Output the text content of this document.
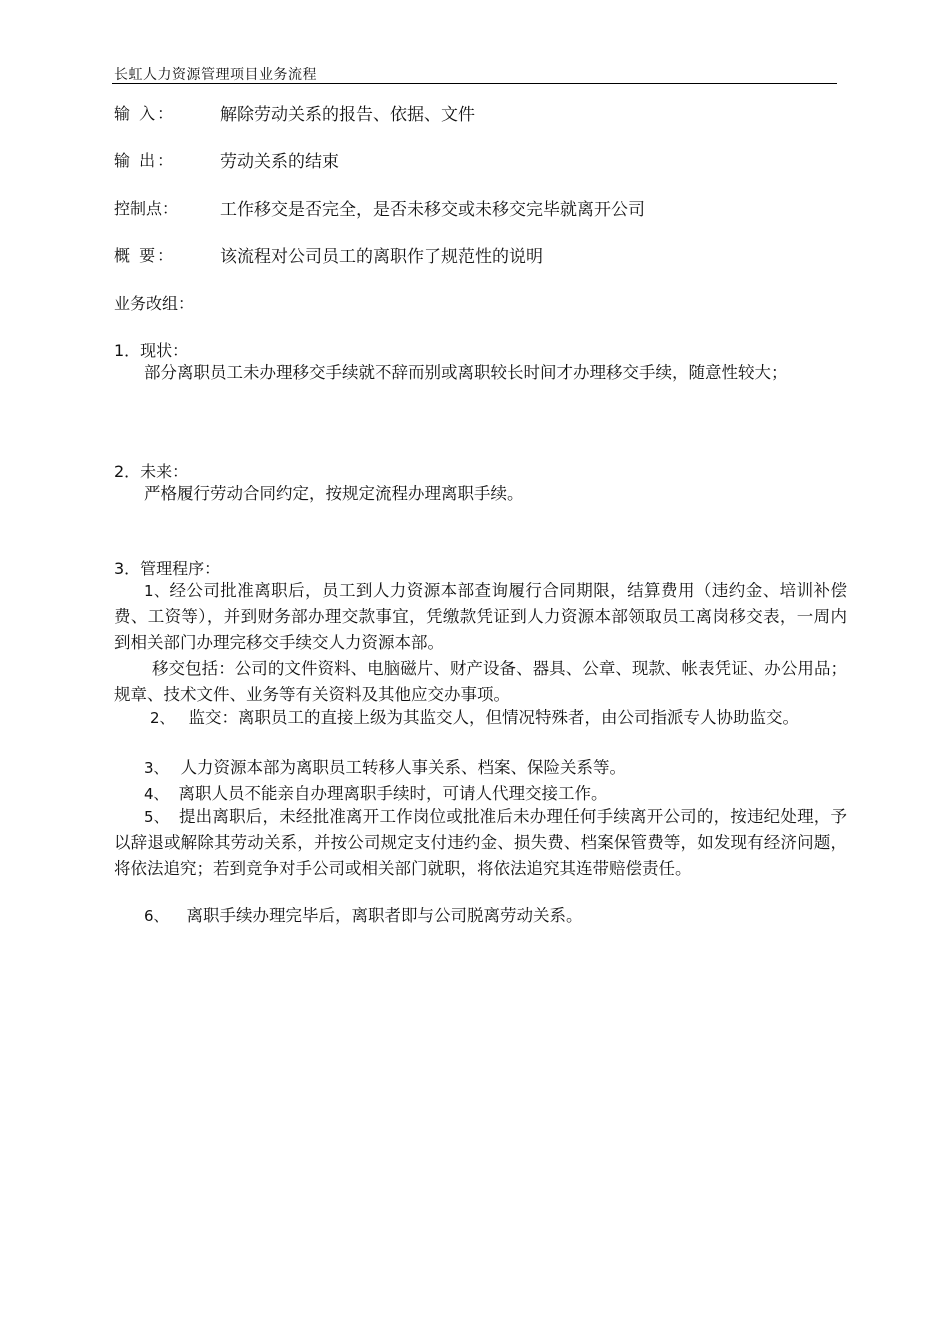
长虹人力资源管理项目业务流程
输 入：	解除劳动关系的报告、依据、文件
输 出：	劳动关系的结束
控制点： 工作移交是否完全，是否未移交或未移交完毕就离开公司
概 要：	该流程对公司员工的离职作了规范性的说明
业务改组：
1．现状：
部分离职员工未办理移交手续就不辞而别或离职较长时间才办理移交手续，随意性较大；
2．未来：
严格履行劳动合同约定，按规定流程办理离职手续。
3．管理程序：
1、经公司批准离职后，员工到人力资源本部查询履行合同期限，结算费用（违约金、培训补偿费、工资等），并到财务部办理交款事宜，凭缴款凭证到人力资源本部领取员工离岗移交表，一周内到相关部门办理完移交手续交人力资源本部。
移交包括：公司的文件资料、电脑磁片、财产设备、器具、公章、现款、帐表凭证、办公用品；规章、技术文件、业务等有关资料及其他应交办事项。
2、 监交：离职员工的直接上级为其监交人，但情况特殊者，由公司指派专人协助监交。
3、 人力资源本部为离职员工转移人事关系、档案、保险关系等。
4、 离职人员不能亲自办理离职手续时，可请人代理交接工作。
5、 提出离职后，未经批准离开工作岗位或批准后未办理任何手续离开公司的，按违纪处理，予以辞退或解除其劳动关系，并按公司规定支付违约金、损失费、档案保管费等，如发现有经济问题，将依法追究；若到竞争对手公司或相关部门就职，将依法追究其连带赔偿责任。
6、 离职手续办理完毕后，离职者即与公司脱离劳动关系。
